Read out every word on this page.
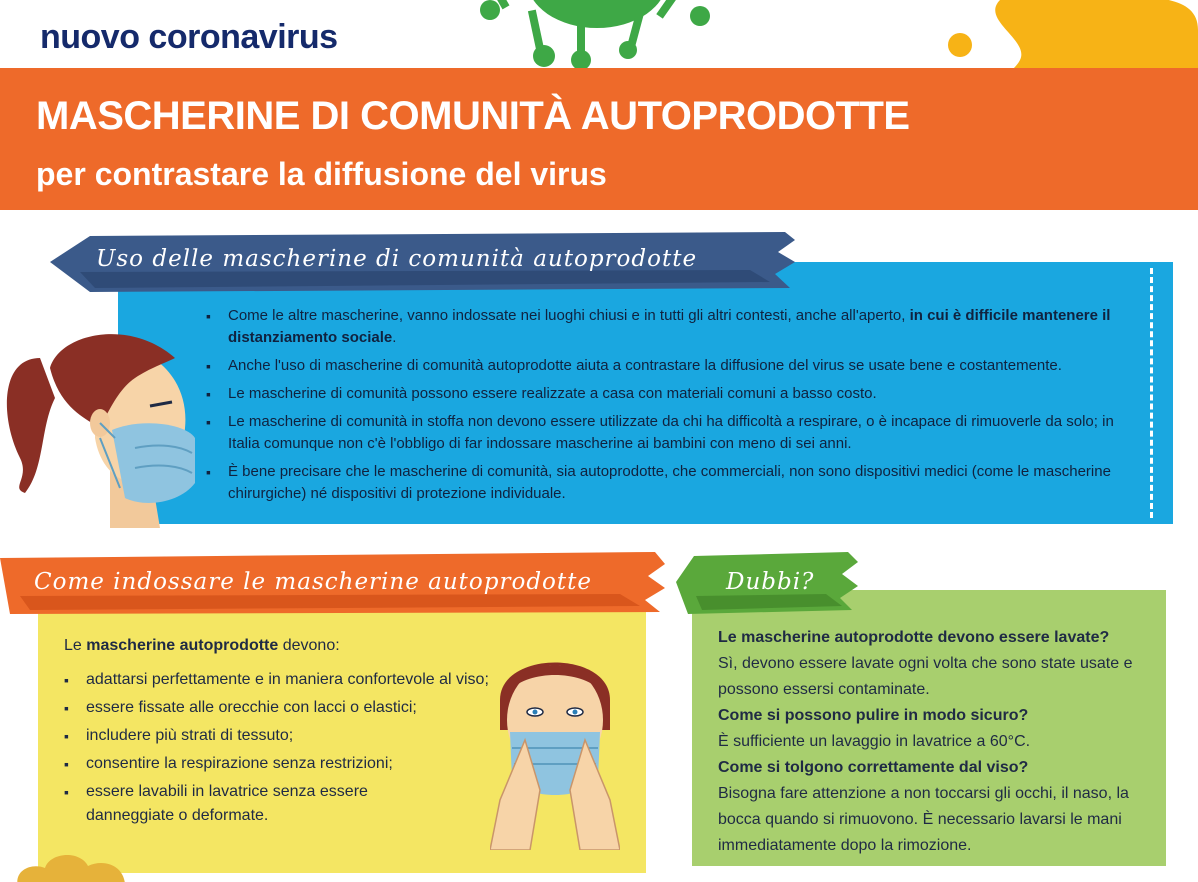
nuovo coronavirus
MASCHERINE DI COMUNITÀ AUTOPRODOTTE
per contrastare la diffusione del virus
Uso delle mascherine di comunità autoprodotte
▪ Come le altre mascherine, vanno indossate nei luoghi chiusi e in tutti gli altri contesti, anche all'aperto, in cui è difficile mantenere il distanziamento sociale.
▪ Anche l'uso di mascherine di comunità autoprodotte aiuta a contrastare la diffusione del virus se usate bene e costantemente.
▪ Le mascherine di comunità possono essere realizzate a casa con materiali comuni a basso costo.
▪ Le mascherine di comunità in stoffa non devono essere utilizzate da chi ha difficoltà a respirare, o è incapace di rimuoverle da solo; in Italia comunque non c'è l'obbligo di far indossare mascherine ai bambini con meno di sei anni.
▪ È bene precisare che le mascherine di comunità, sia autoprodotte, che commerciali, non sono dispositivi medici (come le mascherine chirurgiche) né dispositivi di protezione individuale.
Come indossare le mascherine autoprodotte
Le mascherine autoprodotte devono:
▪ adattarsi perfettamente e in maniera confortevole al viso;
▪ essere fissate alle orecchie con lacci o elastici;
▪ includere più strati di tessuto;
▪ consentire la respirazione senza restrizioni;
▪ essere lavabili in lavatrice senza essere danneggiate o deformate.
Dubbi?
Le mascherine autoprodotte devono essere lavate?
Sì, devono essere lavate ogni volta che sono state usate e possono essersi contaminate.
Come si possono pulire in modo sicuro?
È sufficiente un lavaggio in lavatrice a 60°C.
Come si tolgono correttamente dal viso?
Bisogna fare attenzione a non toccarsi gli occhi, il naso, la bocca quando si rimuovono. È necessario lavarsi le mani immediatamente dopo la rimozione.
